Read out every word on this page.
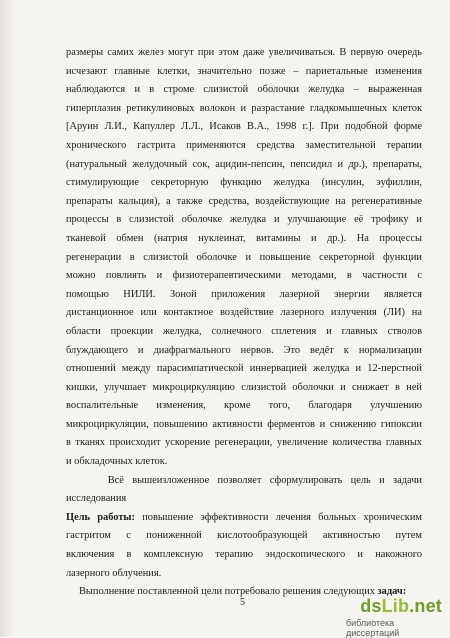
размеры самих желез могут при этом даже увеличиваться. В первую очередь
исчезают главные клетки, значительно позже – париетальные изменения
наблюдаются и в строме слизистой оболочки желудка – выраженная
гиперплазия ретикулиновых волокон и разрастание гладкомышечных клеток
[Аруин Л.И., Капуллер Л.Л., Исаков В.А., 1998 г.]. При подобной форме
хронического гастрита применяются средства заместительной терапии
(натуральный желудочный сок, ацидин-пепсин, пепсидил и др.), препараты,
стимулирующие секреторную функцию желудка (инсулин, эуфиллин,
препараты кальция), а также средства, воздействующие на регенеративные
процессы в слизистой оболочке желудка и улучшающие её трофику и
тканевой обмен (натрия нуклеинат, витамины и др.). На процессы
регенерации в слизистой оболочке и повышение секреторной функции
можно повлиять и физиотерапевтическими методами, в частности с
помощью НИЛИ. Зоной приложения лазерной энергии является
дистанционное или контактное воздействие лазерного излучения (ЛИ) на
области проекции желудка, солнечного сплетения и главных стволов
блуждающего и диафрагмального нервов. Это ведёт к нормализации
отношений между парасимпатической иннервацией желудка и 12-перстной
кишки, улучшает микроциркуляцию слизистой оболочки и снижает в ней
воспалительные изменения, кроме того, благодаря улучшению
микроциркуляции, повышению активности ферментов и снижению гипоксии
в тканях происходит ускорение регенерации, увеличение количества главных
и обкладочных клеток.

Всё вышеизложенное позволяет сформулировать цель и задачи
исследования

Цель работы: повышение эффективности лечения больных хроническим
гастритом с пониженной кислотообразующей активностью путем
включения в комплексную терапию эндоскопического и накожного
лазерного облучения.

Выполнение поставленной цели потребовало решения следующих задач:

5	dsLib.net
библиотека диссертаций
